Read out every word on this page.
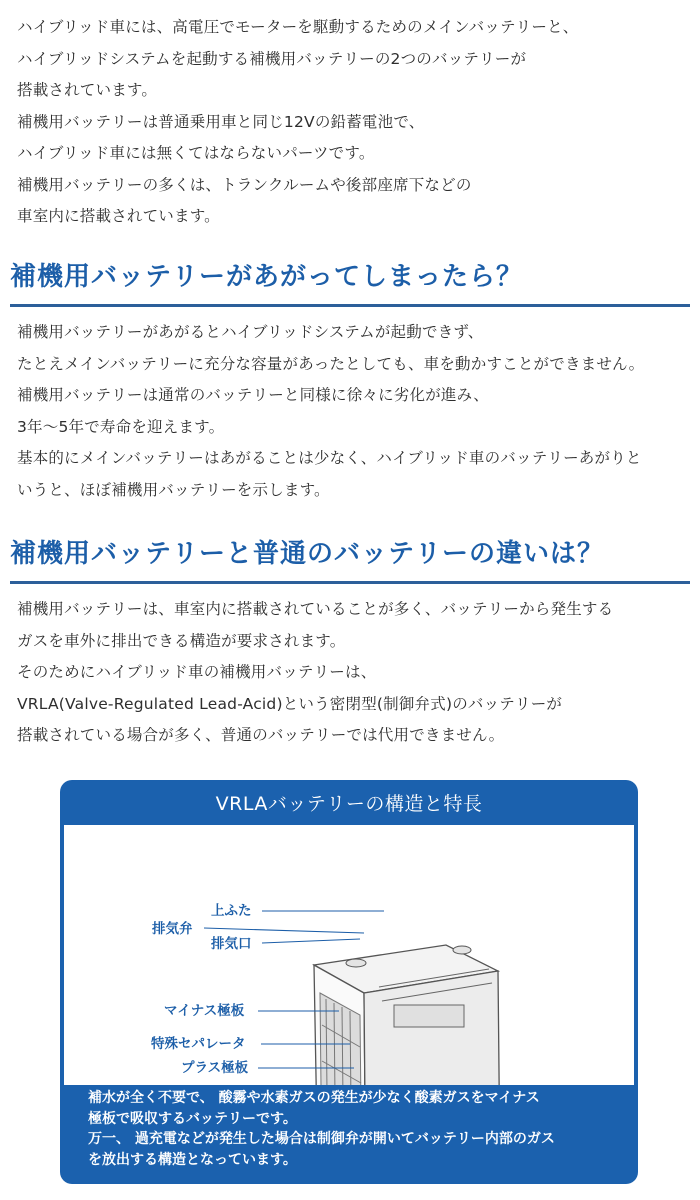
ハイブリッド車には、高電圧でモーターを駆動するためのメインバッテリーと、

ハイブリッドシステムを起動する補機用バッテリーの2つのバッテリーが

搭載されています。

補機用バッテリーは普通乗用車と同じ12Vの鉛蓄電池で、

ハイブリッド車には無くてはならないパーツです。

補機用バッテリーの多くは、トランクルームや後部座席下などの

車室内に搭載されています。

補機用バッテリーがあがってしまったら？

補機用バッテリーがあがるとハイブリッドシステムが起動できず、

たとえメインバッテリーに充分な容量があったとしても、車を動かすことができません。

補機用バッテリーは通常のバッテリーと同様に徐々に劣化が進み、

3年～5年で寿命を迎えます。

基本的にメインバッテリーはあがることは少なく、ハイブリッド車のバッテリーあがりと

いうと、ほぼ補機用バッテリーを示します。

補機用バッテリーと普通のバッテリーの違いは？

補機用バッテリーは、車室内に搭載されていることが多く、バッテリーから発生する

ガスを車外に排出できる構造が要求されます。

そのためにハイブリッド車の補機用バッテリーは、

VRLA(Valve-Regulated Lead-Acid)という密閉型(制御弁式)のバッテリーが

搭載されている場合が多く、普通のバッテリーでは代用できません。

VRLAバッテリーの構造と特長
上ふた
排気弁
排気口
マイナス極板
特殊セパレータ
プラス極板

補水が全く不要で、 酸霧や水素ガスの発生が少なく酸素ガスをマイナス

極板で吸収するバッテリーです。

万一、 過充電などが発生した場合は制御弁が開いてバッテリー内部のガス

を放出する構造となっています。
